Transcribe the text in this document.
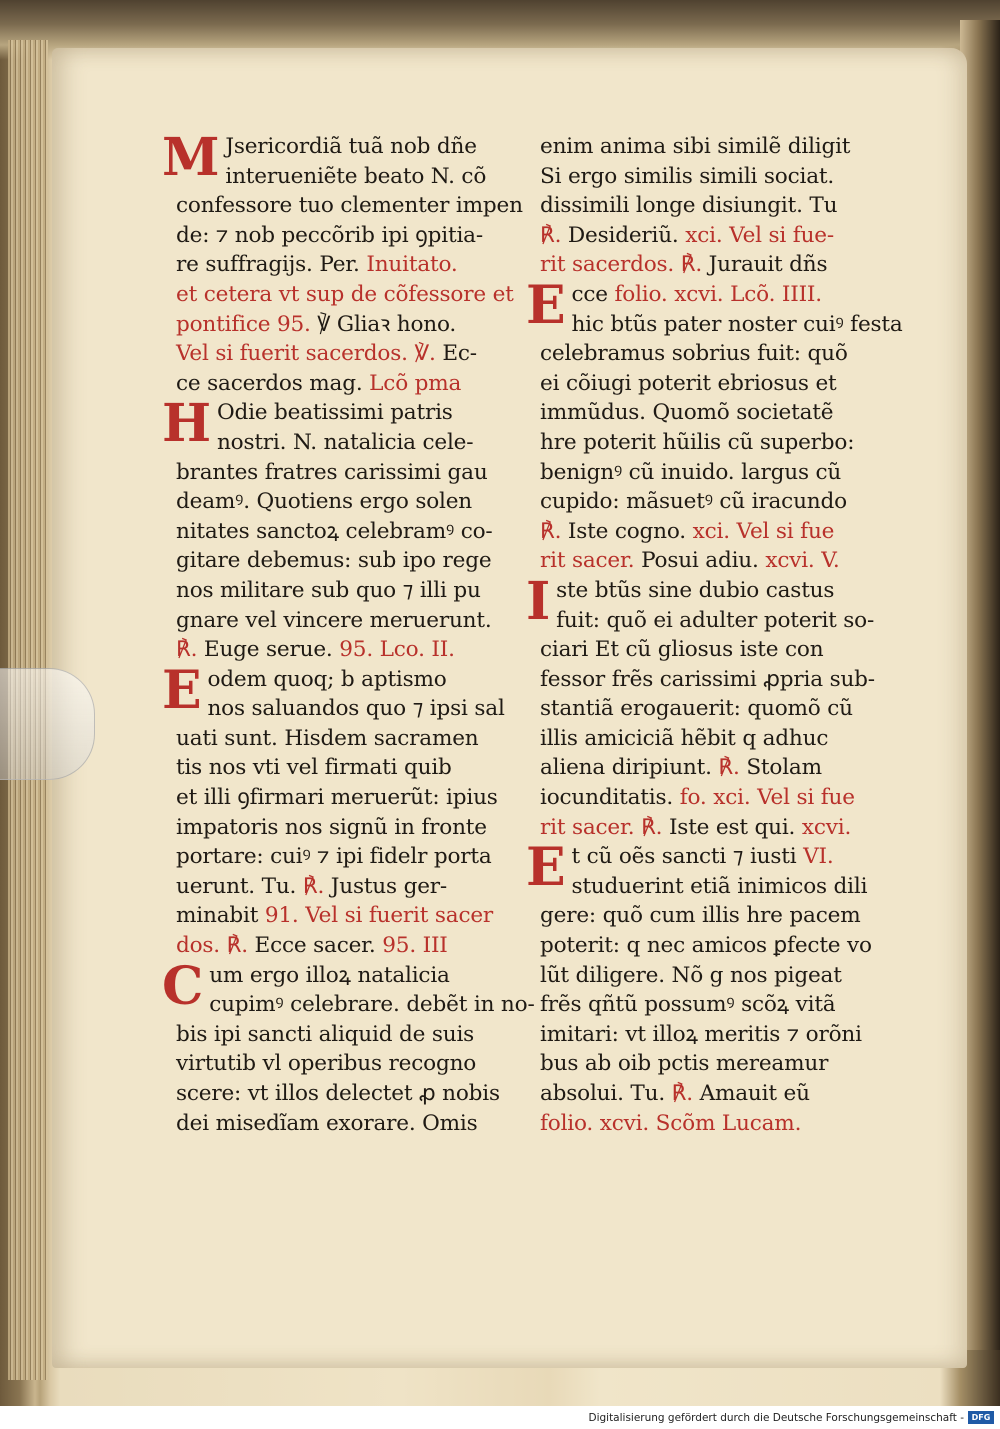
M Jsericordiã tuã nob dñe
interueniẽte beato N. cõ
confessore tuo clementer impen
de: ⁊ nob peccõrib ipi ꝯpitia-
re suffragijs. Per. Inuitato.
et cetera vt sup de cõfessore et
pontifice 95. ℣ Gliaꝛ hono.
Vel si fuerit sacerdos. ℣. Ec-
ce sacerdos mag. Lcõ pma
H Odie beatissimi patris
nostri. N. natalicia cele-
brantes fratres carissimi gau
deamꝰ. Quotiens ergo solen
nitates sanctoꝝ celebramꝰ co-
gitare debemus: sub ipo rege
nos militare sub quo ⁊ illi pu
gnare vel vincere meruerunt.
℟. Euge serue. 95. Lco. II.
Eodem quoq; b aptismo
nos saluandos quo ⁊ ipsi sal
uati sunt. Hisdem sacramen
tis nos vti vel firmati quib
et illi ꝯfirmari meruerũt: ipius
impatoris nos signũ in fronte
portare: cuiꝰ ⁊ ipi fidelr porta
uerunt. Tu. ℟. Justus ger-
minabit 91. Vel si fuerit sacer
dos. ℟. Ecce sacer. 95. III
Cum ergo illoꝝ natalicia
cupimꝰ celebrare. debẽt in no-
bis ipi sancti aliquid de suis
virtutib vl operibus recogno
scere: vt illos delectet ꝓ nobis
dei misedĩam exorare. Omis
enim anima sibi similẽ diligit
Si ergo similis simili sociat.
dissimili longe disiungit. Tu
℟. Desideriũ. xci. Vel si fue-
rit sacerdos. ℟. Jurauit dñs
Ecce folio. xcvi. Lcõ. IIII.
hic btũs pater noster cuiꝰ festa
celebramus sobrius fuit: quõ
ei cõiugi poterit ebriosus et
immũdus. Quomõ societatẽ
hre poterit hũilis cũ superbo:
benignꝰ cũ inuido. largus cũ
cupido: mãsuetꝰ cũ iracundo
℟. Iste cogno. xci. Vel si fue
rit sacer. Posui adiu. xcvi. V.
Iste btũs sine dubio castus
fuit: quõ ei adulter poterit so-
ciari Et cũ gliosus iste con
fessor frẽs carissimi ꝓpria sub-
stantiã erogauerit: quomõ cũ
illis amiciciã hẽbit q adhuc
aliena diripiunt. ℟. Stolam
iocunditatis. fo. xci. Vel si fue
rit sacer. ℟. Iste est qui. xcvi.
Et cũ oẽs sancti ⁊ iusti VI.
studuerint etiã inimicos dili
gere: quõ cum illis hre pacem
poterit: q nec amicos ꝑfecte vo
lũt diligere. Nõ g nos pigeat
frẽs qñtũ possumꝰ scõꝝ vitã
imitari: vt illoꝝ meritis ⁊ orõni
bus ab oib pctis mereamur
absolui. Tu. ℟. Amauit eũ
folio. xcvi. Scõm Lucam.
Digitalisierung gefördert durch die Deutsche Forschungsgemeinschaft - DFG
